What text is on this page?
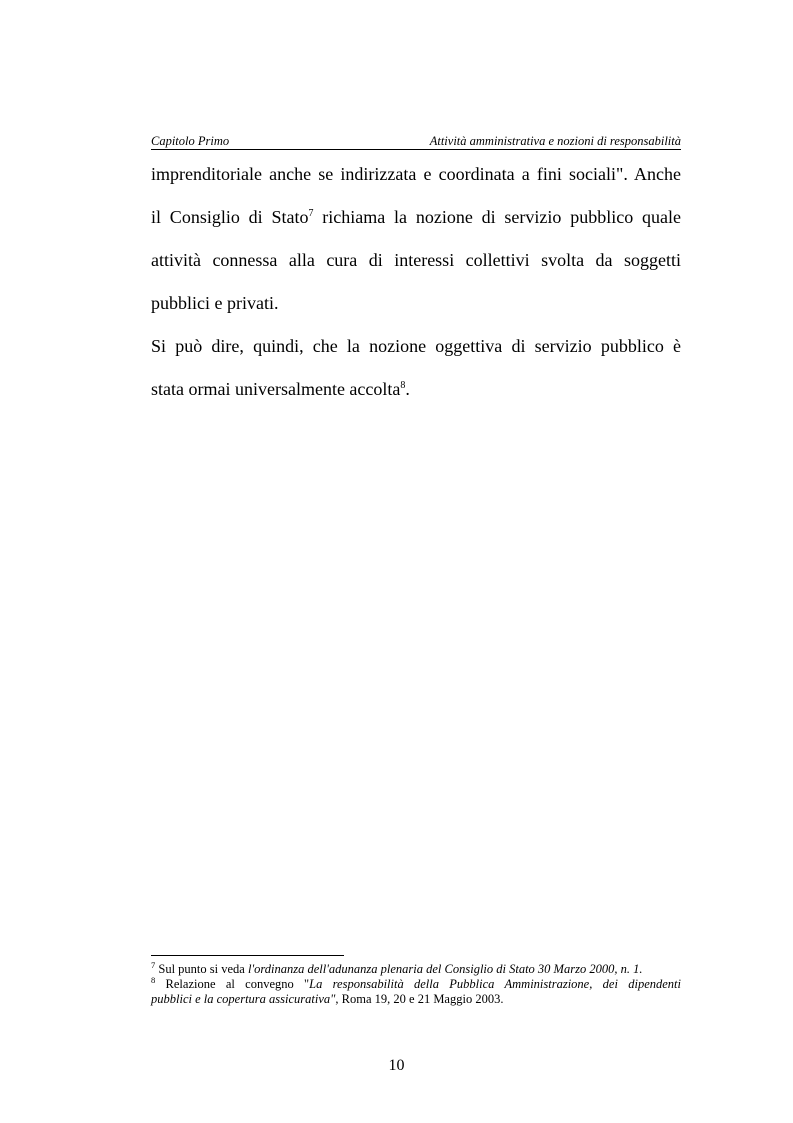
Capitolo Primo	Attività amministrativa e nozioni di responsabilità
imprenditoriale anche se indirizzata e coordinata a fini sociali". Anche
il Consiglio di Stato$^7$ richiama la nozione di servizio pubblico quale
attività connessa alla cura di interessi collettivi svolta da soggetti
pubblici e privati.
Si può dire, quindi, che la nozione oggettiva di servizio pubblico è
stata ormai universalmente accolta$^8$.
$^7$ Sul punto si veda l'ordinanza dell'adunanza plenaria del Consiglio di Stato 30 Marzo 2000, n. 1.
$^8$ Relazione al convegno "La responsabilità della Pubblica Amministrazione, dei dipendenti
pubblici e la copertura assicurativa", Roma 19, 20 e 21 Maggio 2003.
10
